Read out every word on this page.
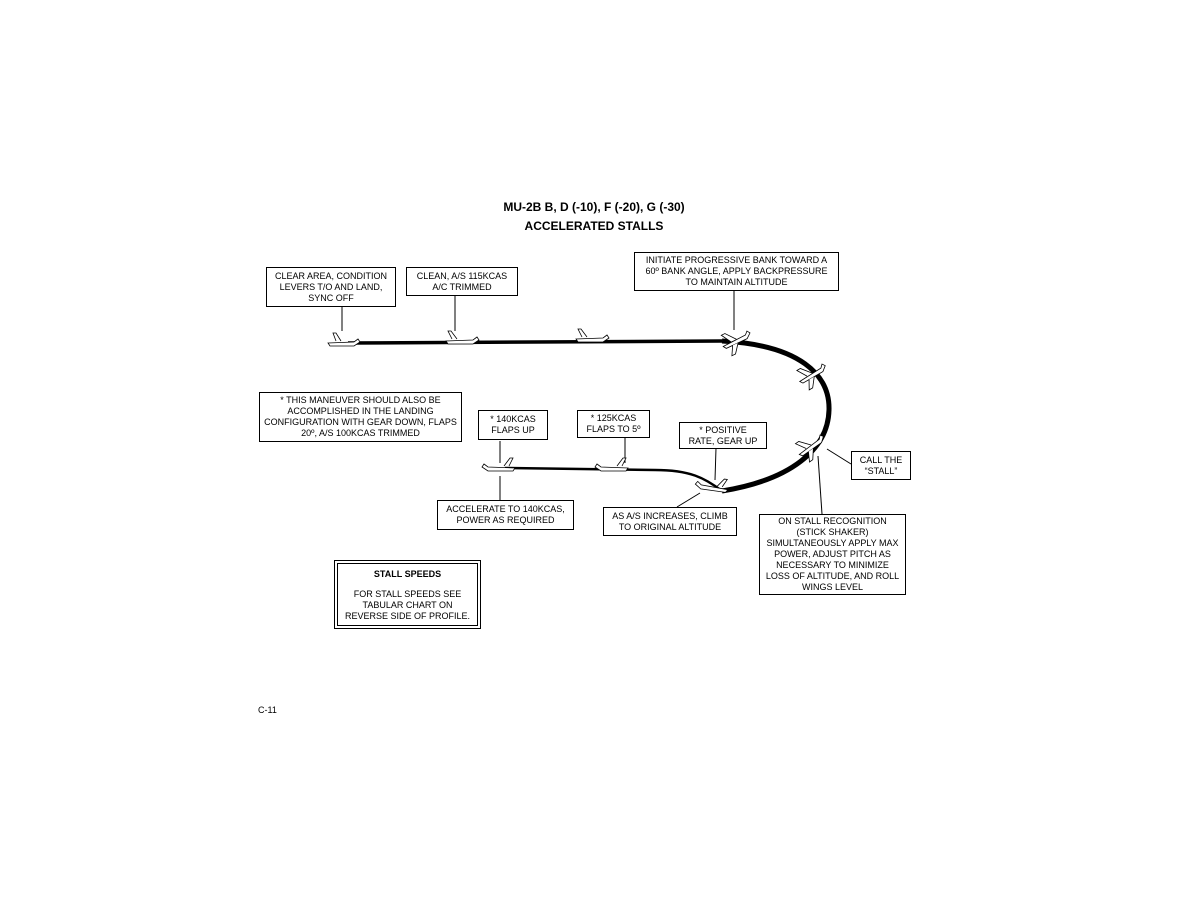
MU-2B B, D (-10), F (-20), G (-30)
ACCELERATED STALLS
CLEAR AREA, CONDITION
LEVERS T/O AND LAND,
SYNC OFF
CLEAN, A/S 115KCAS
A/C TRIMMED
INITIATE PROGRESSIVE BANK TOWARD A
60º BANK ANGLE, APPLY BACKPRESSURE
TO MAINTAIN ALTITUDE
* THIS MANEUVER SHOULD ALSO BE
ACCOMPLISHED IN THE LANDING
CONFIGURATION WITH GEAR DOWN, FLAPS
20º, A/S 100KCAS TRIMMED
* 140KCAS
FLAPS UP
* 125KCAS
FLAPS TO 5º	* POSITIVE
RATE, GEAR UP
CALL THE
“STALL”
ACCELERATE TO 140KCAS,
POWER AS REQUIRED	AS A/S INCREASES, CLIMB
TO ORIGINAL ALTITUDE
ON STALL RECOGNITION
(STICK SHAKER)
SIMULTANEOUSLY APPLY MAX
POWER, ADJUST PITCH AS
NECESSARY TO MINIMIZE
LOSS OF ALTITUDE, AND ROLL
WINGS LEVEL
STALL SPEEDS
FOR STALL SPEEDS SEE
TABULAR CHART ON
REVERSE SIDE OF PROFILE.
C-11
